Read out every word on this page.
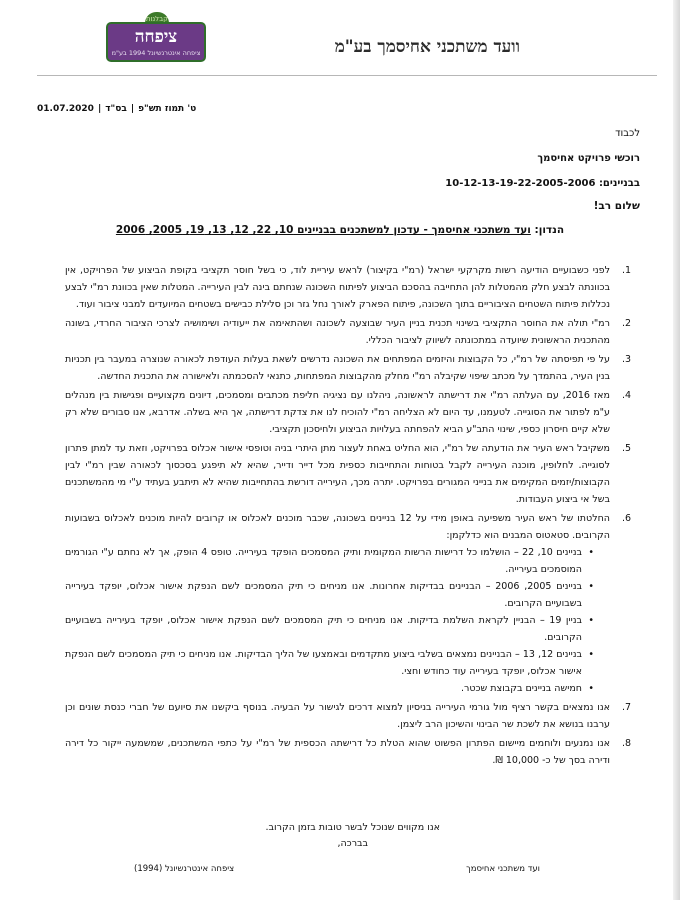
וועד משתכני אחיסמך בע"מ
קבלנות
ציפחה
ציפחה אינטרנשיונל 1994 בע"מ
01.07.2020 |	ט' תמוז תש"פ|בס"ד
לכבוד
רוכשי פרויקט אחיסמך
בבניינים: 10-12-13-19-22-2005-2006
שלום רב!
הנדון: ועד משתכני אחיסמך - עדכון למשתכנים בבניינים 10, 22, 12, 13, 19, 2005, 2006
1.
לפני כשבועיים הודיעה רשות מקרקעי ישראל (רמ"י בקיצור) לראש עיריית לוד, כי בשל חוסר תקציבי בקופת הביצוע של הפרויקט, אין בכוונתה לבצע חלק מהמטלות להן התחייבה בהסכם הביצוע לפיתוח השכונה שנחתם בינה לבין העירייה. המטלות שאין בכוונת רמ"י לבצע נכללות פיתוח השטחים הציבוריים בתוך השכונה, פיתוח הפארק לאורך נחל גזר וכן סלילת כבישים בשטחים המיועדים למבני ציבור ועוד.
2.
רמ"י תולה את החוסר התקציבי בשינוי תכנית בניין העיר שבוצעה לשכונה ושהתאימה את ייעודיה ושימושיה לצרכי הציבור החרדי, בשונה מהתכנית הראשונית שיועדה במתכונתה לשיווק לציבור הכללי.
3.
על פי תפיסתה של רמ"י, כל הקבוצות והיזמים המפתחים את השכונה נדרשים לשאת בעלות העודפת לכאורה שנוצרה במעבר בין תכניות בנין העיר, בהתמדך על מכתב שיפוי שקיבלה רמ"י מחלק מהקבוצות המפתחות, כתנאי להסכמתה ולאישורה את התכנית החדשה.
4.
מאז 2016, עם העלתה רמ"י את דרישתה לראשונה, ניהלנו עם נציגיה חליפת מכתבים ומסמכים, דיונים מקצועיים ופגישות בין מנהלים ע"מ לפתור את הסוגייה. לטעמנו, עד היום לא הצליחה רמ"י להוכיח לנו את צדקת דרישתה, אך היא בשלה. אדרבא, אנו סבורים שלא רק שלא קיים חיסרון כספי, שינוי התב"ע הביא להפחתה בעלויות הביצוע ולחיסכון תקציבי.
5.
משקיבל ראש העיר את הודעתה של רמ"י, הוא החליט באחת לעצור מתן היתרי בניה וטופסי אישור אכלוס בפרויקט, וזאת עד למתן פתרון לסוגייה. לחלופין, מוכנה העירייה לקבל בטוחות והתחייבות כספית מכל דייר ודייר, שהיא לא תיפגע בסכסוך לכאורה שבין רמ"י לבין הקבוצות/יזמים המקימים את בנייני המגורים בפרויקט. יתרה מכך, העירייה דורשת בהתחייבות שהיא לא תיתבע בעתיד ע"י מי מהמשתכנים בשל אי ביצוע העבודות.
6.
החלטתו של ראש העיר משפיעה באופן מידי על 12 בניינים בשכונה, שכבר מוכנים לאכלוס או קרובים להיות מוכנים לאכלוס בשבועות הקרובים. סטאטוס המבנים הוא כדלקמן:
• בניינים 10, 22 – הושלמו כל דרישות הרשות המקומית ותיק המסמכים הופקד בעירייה. טופס 4 הופק, אך לא נחתם ע"י הגורמים המוסמכים בעירייה.
• בניינים 2005, 2006 – הבניינים בבדיקות אחרונות. אנו מניחים כי תיק המסמכים לשם הנפקת אישור אכלוס, יופקד בעירייה בשבועיים הקרובים.
• בניין 19 – הבניין לקראת השלמת בדיקות. אנו מניחים כי תיק המסמכים לשם הנפקת אישור אכלוס, יופקד בעירייה בשבועיים הקרובים.
• בניינים 12, 13 – הבניינים נמצאים בשלבי ביצוע מתקדמים ובאמצעו של הליך הבדיקות. אנו מניחים כי תיק המסמכים לשם הנפקת אישור אכלוס, יופקד בעירייה עוד כחודש וחצי.
• חמישה בניינים בקבוצת שכטר.
7.
אנו נמצאים בקשר רציף מול גורמי העירייה בניסיון למצוא דרכים לגישור על הבעיה. בנוסף ביקשנו את סיועם של חברי כנסת שונים וכן ערבנו בנושא את לשכת שר הבינוי והשיכון הרב ליצמן.
8.
אנו נמנעים ולוחמים מיישום הפתרון הפשוט שהוא הטלת כל דרישתה הכספית של רמ"י על כתפי המשתכנים, שמשמעה ייקור כל דירה ודירה בסך של כ- 10,000 ₪.
אנו מקווים שנוכל לבשר טובות בזמן הקרוב.
בברכה,
ועד משתכני אחיסמך
ציפחה אינטרנשיונל (1994)
